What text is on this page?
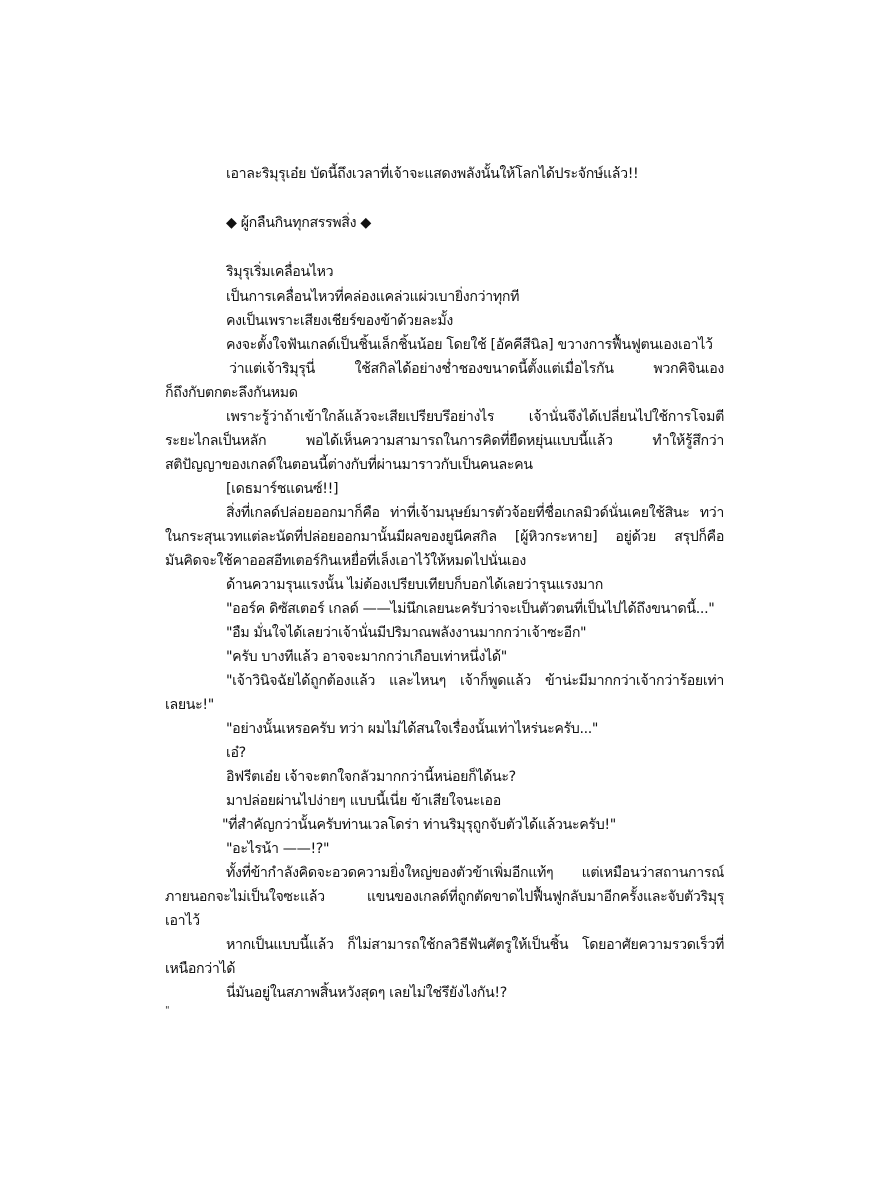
เอาละริมุรุเอ๋ย บัดนี้ถึงเวลาที่เจ้าจะแสดงพลังนั้นให้โลกได้ประจักษ์แล้ว!!

◆ ผู้กลืนกินทุกสรรพสิ่ง ◆

ริมุรุเริ่มเคลื่อนไหว

เป็นการเคลื่อนไหวที่คล่องแคล่วแผ่วเบายิ่งกว่าทุกที

คงเป็นเพราะเสียงเชียร์ของข้าด้วยละมั้ง

คงจะตั้งใจฟันเกลด์เป็นชิ้นเล็กชิ้นน้อย โดยใช้ [อัคคีสีนิล] ขวางการฟื้นฟูตนเองเอาไว้

ว่าแต่เจ้าริมุรุนี่ ใช้สกิลได้อย่างช่ำชองขนาดนี้ตั้งแต่เมื่อไรกัน พวกคิจินเอง

ก็ถึงกับตกตะลึงกันหมด

เพราะรู้ว่าถ้าเข้าใกล้แล้วจะเสียเปรียบรึอย่างไร เจ้านั่นจึงได้เปลี่ยนไปใช้การโจมตี

ระยะไกลเป็นหลัก พอได้เห็นความสามารถในการคิดที่ยืดหยุ่นแบบนี้แล้ว ทำให้รู้สึกว่า

สติปัญญาของเกลด์ในตอนนี้ต่างกับที่ผ่านมาราวกับเป็นคนละคน

[เดธมาร์ชแดนซ์!!]

สิ่งที่เกลด์ปล่อยออกมาก็คือ ท่าที่เจ้ามนุษย์มารตัวจ้อยที่ชื่อเกลมิวด์นั่นเคยใช้สินะ ทว่า

ในกระสุนเวทแต่ละนัดที่ปล่อยออกมานั้นมีผลของยูนีคสกิล [ผู้หิวกระหาย] อยู่ด้วย สรุปก็คือ

มันคิดจะใช้คาออสอีทเตอร์กินเหยื่อที่เล็งเอาไว้ให้หมดไปนั่นเอง

ด้านความรุนแรงนั้น ไม่ต้องเปรียบเทียบก็บอกได้เลยว่ารุนแรงมาก

"ออร์ค ดิซัสเตอร์ เกลด์ ——ไม่นึกเลยนะครับว่าจะเป็นตัวตนที่เป็นไปได้ถึงขนาดนี้..."

"อืม มั่นใจได้เลยว่าเจ้านั่นมีปริมาณพลังงานมากกว่าเจ้าซะอีก"

"ครับ บางทีแล้ว อาจจะมากกว่าเกือบเท่าหนึ่งได้"

"เจ้าวินิจฉัยได้ถูกต้องแล้ว และไหนๆ เจ้าก็พูดแล้ว ข้าน่ะมีมากกว่าเจ้ากว่าร้อยเท่า

เลยนะ!"

"อย่างนั้นเหรอครับ ทว่า ผมไม่ได้สนใจเรื่องนั้นเท่าไหร่นะครับ..."

เอ๋?

อิฟรีตเอ๋ย เจ้าจะตกใจกลัวมากกว่านี้หน่อยก็ได้นะ?

มาปล่อยผ่านไปง่ายๆ แบบนี้เนี่ย ข้าเสียใจนะเออ

"ที่สำคัญกว่านั้นครับท่านเวลโดร่า ท่านริมุรุถูกจับตัวได้แล้วนะครับ!"

"อะไรน้า ——!?"

ทั้งที่ข้ากำลังคิดจะอวดความยิ่งใหญ่ของตัวข้าเพิ่มอีกแท้ๆ แต่เหมือนว่าสถานการณ์

ภายนอกจะไม่เป็นใจซะแล้ว แขนของเกลด์ที่ถูกตัดขาดไปฟื้นฟูกลับมาอีกครั้งและจับตัวริมุรุ

เอาไว้

หากเป็นแบบนี้แล้ว ก็ไม่สามารถใช้กลวิธีฟันศัตรูให้เป็นชิ้น โดยอาศัยความรวดเร็วที่

เหนือกว่าได้

นี่มันอยู่ในสภาพสิ้นหวังสุดๆ เลยไม่ใช่รึยังไงกัน!?

"
